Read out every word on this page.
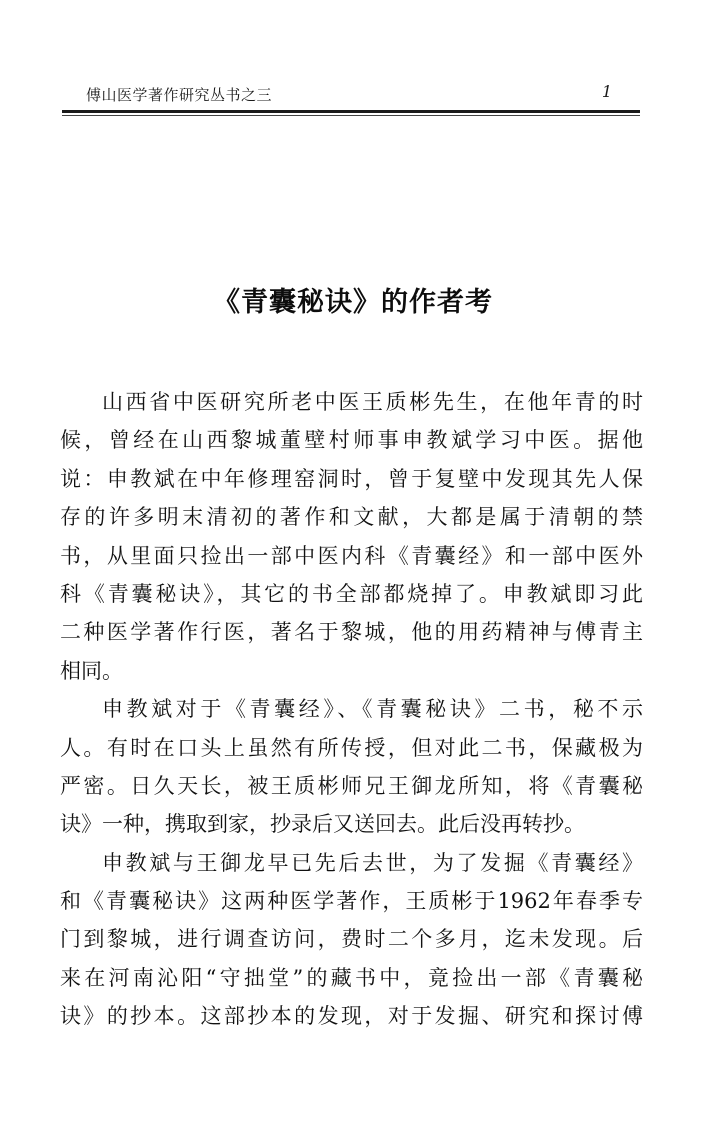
傅山医学著作研究丛书之三	1
《青囊秘诀》的作者考
山西省中医研究所老中医王质彬先生，在他年青的时
候，曾经在山西黎城董壁村师事申教斌学习中医。据他
说：申教斌在中年修理窑洞时，曾于复壁中发现其先人保
存的许多明末清初的著作和文献，大都是属于清朝的禁
书，从里面只捡出一部中医内科《青囊经》和一部中医外
科《青囊秘诀》，其它的书全部都烧掉了。申教斌即习此
二种医学著作行医，著名于黎城，他的用药精神与傅青主
相同。
申教斌对于《青囊经》、《青囊秘诀》二书，秘不示
人。有时在口头上虽然有所传授，但对此二书，保藏极为
严密。日久天长，被王质彬师兄王御龙所知，将《青囊秘
诀》一种，携取到家，抄录后又送回去。此后没再转抄。
申教斌与王御龙早已先后去世，为了发掘《青囊经》
和《青囊秘诀》这两种医学著作，王质彬于1962年春季专
门到黎城，进行调查访问，费时二个多月，迄未发现。后
来在河南沁阳“守拙堂”的藏书中，竟捡出一部《青囊秘
诀》的抄本。这部抄本的发现，对于发掘、研究和探讨傅
